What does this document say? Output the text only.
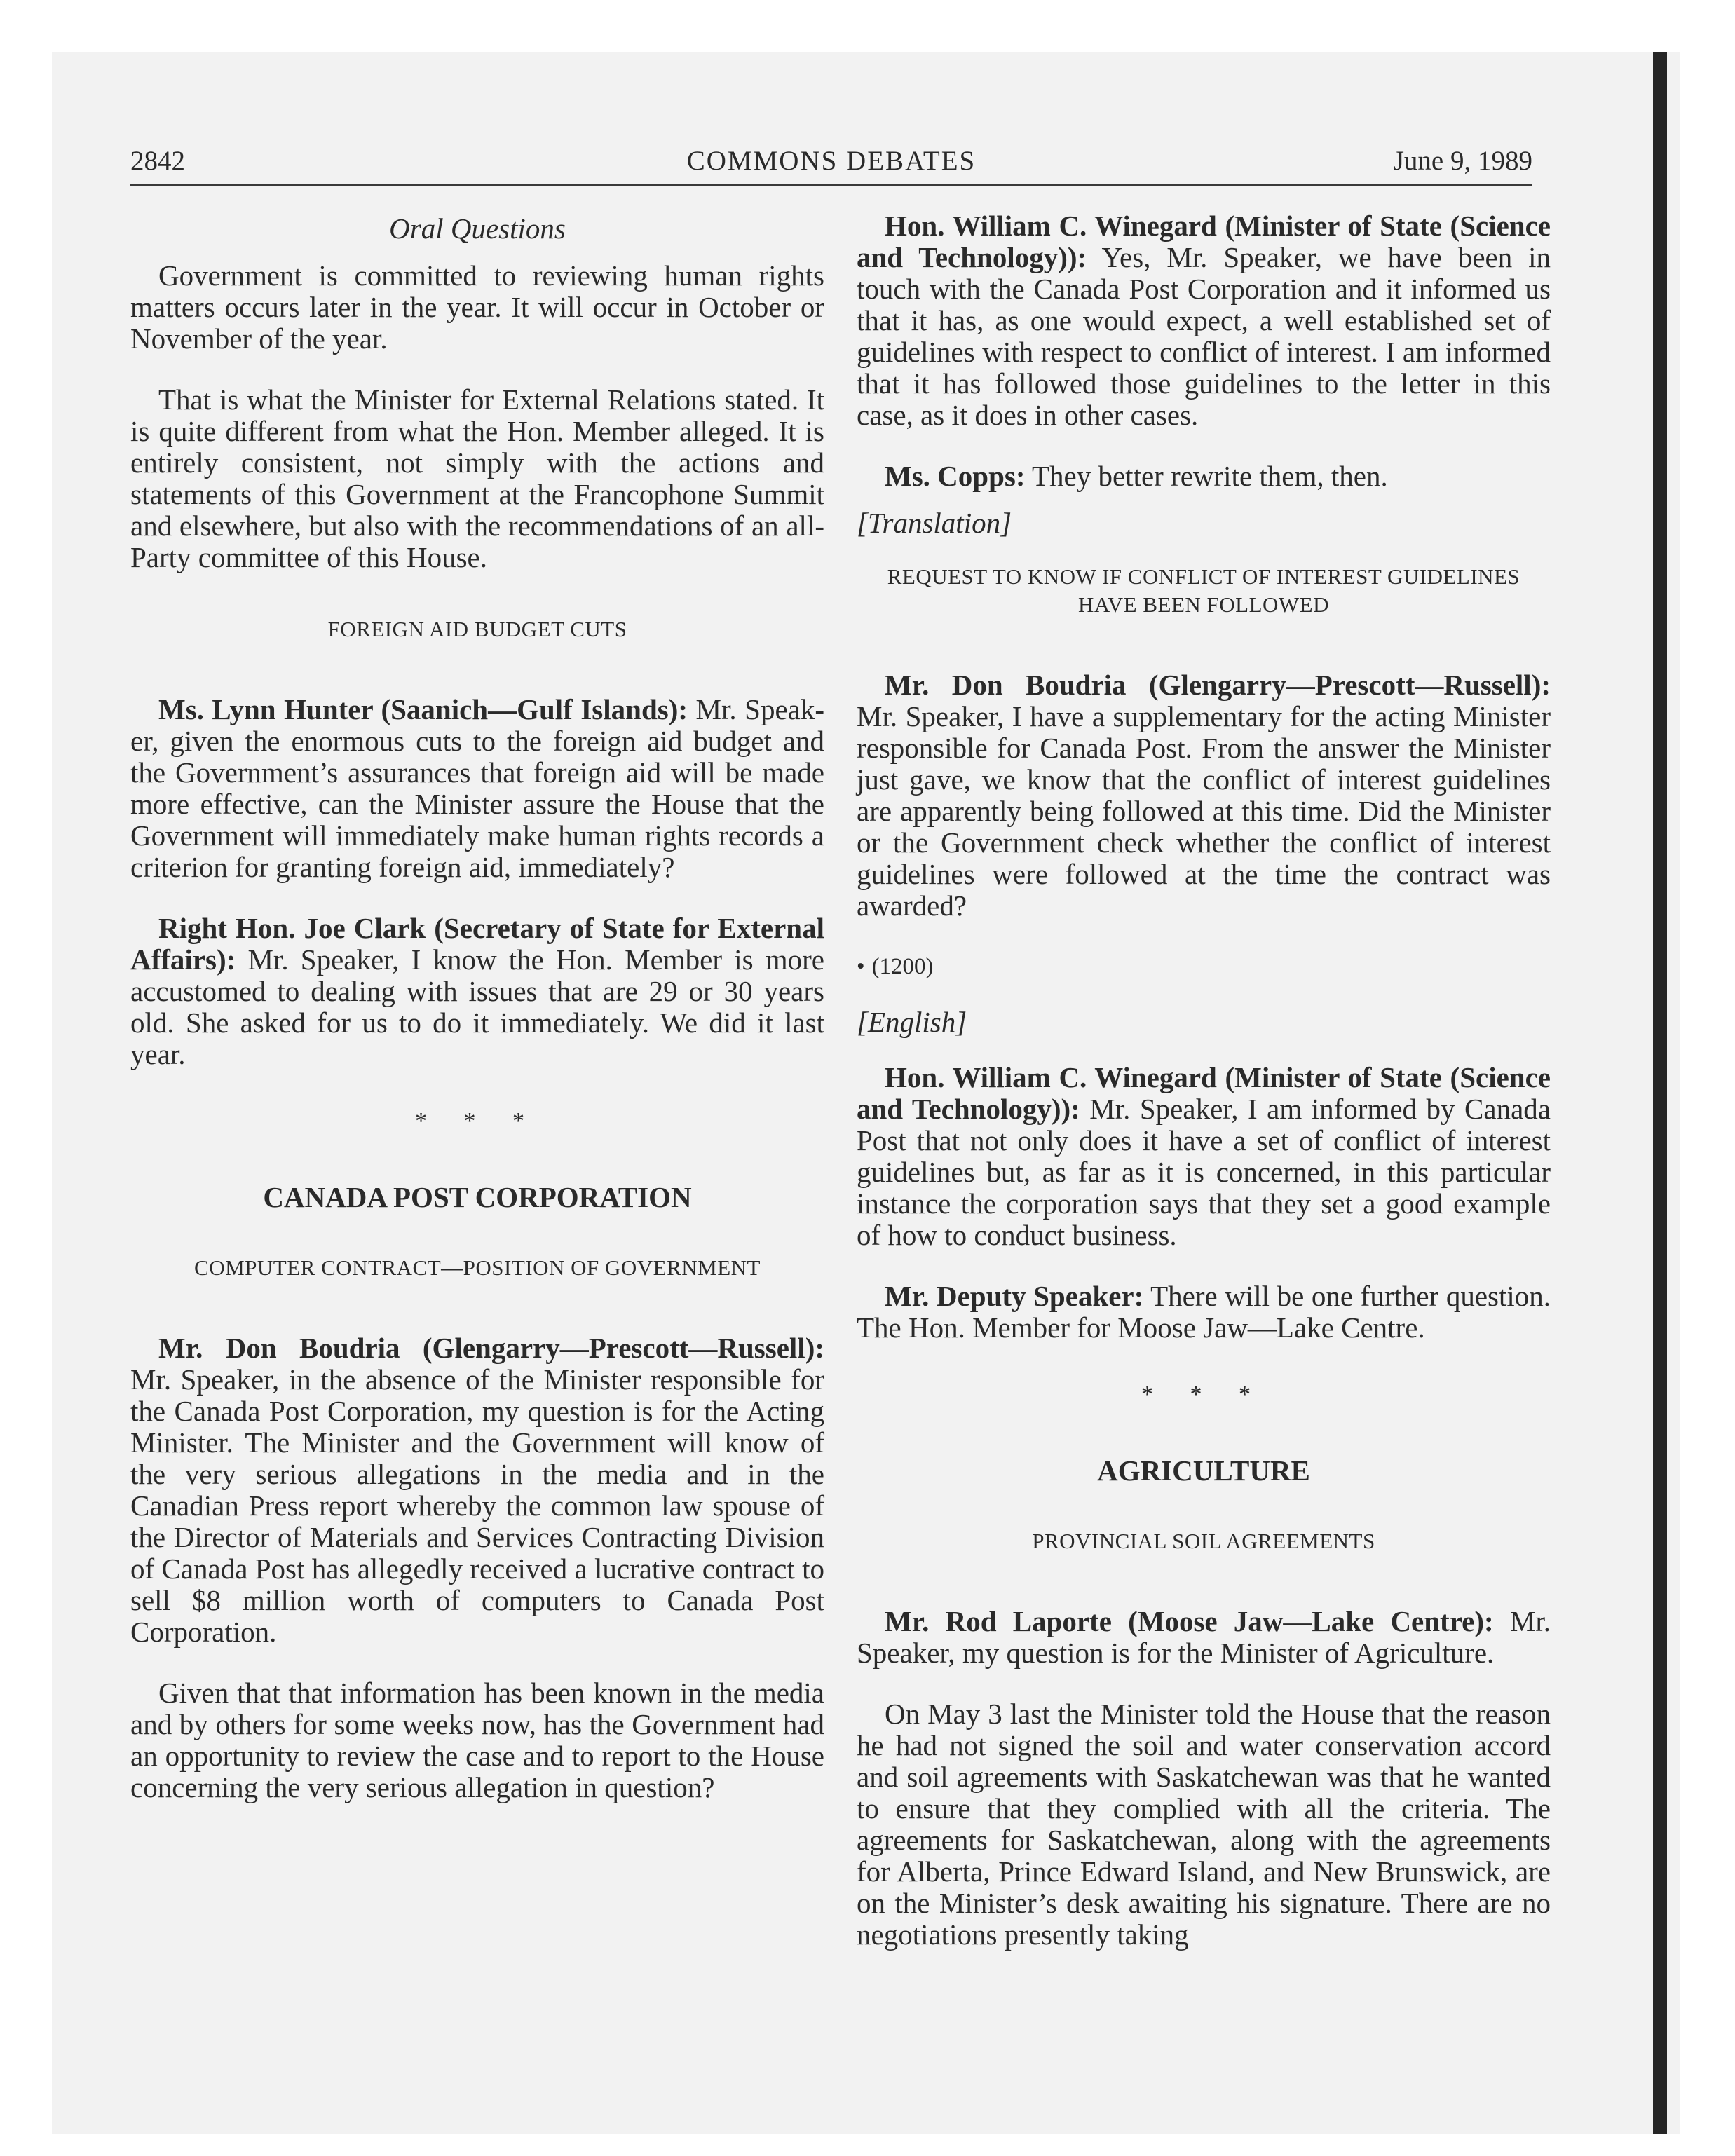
2842	COMMONS DEBATES	June 9, 1989
Oral Questions

Government is committed to reviewing human rights matters occurs later in the year. It will occur in October or November of the year.

That is what the Minister for External Relations stated. It is quite different from what the Hon. Member alleged. It is entirely consistent, not simply with the actions and statements of this Government at the Francophone Summit and elsewhere, but also with the recommendations of an all-Party committee of this House.

FOREIGN AID BUDGET CUTS

Ms. Lynn Hunter (Saanich—Gulf Islands): Mr. Speaker, given the enormous cuts to the foreign aid budget and the Government’s assurances that foreign aid will be made more effective, can the Minister assure the House that the Government will immediately make human rights records a criterion for granting foreign aid, immediately?

Right Hon. Joe Clark (Secretary of State for External Affairs): Mr. Speaker, I know the Hon. Member is more accustomed to dealing with issues that are 29 or 30 years old. She asked for us to do it immediately. We did it last year.

* * *
CANADA POST CORPORATION
COMPUTER CONTRACT—POSITION OF GOVERNMENT

Mr. Don Boudria (Glengarry—Prescott—Russell): Mr. Speaker, in the absence of the Minister responsible for the Canada Post Corporation, my question is for the Acting Minister. The Minister and the Government will know of the very serious allegations in the media and in the Canadian Press report whereby the common law spouse of the Director of Materials and Services Contracting Division of Canada Post has allegedly received a lucrative contract to sell $8 million worth of computers to Canada Post Corporation.

Given that that information has been known in the media and by others for some weeks now, has the Government had an opportunity to review the case and to report to the House concerning the very serious allegation in question?

Hon. William C. Winegard (Minister of State (Science and Technology)): Yes, Mr. Speaker, we have been in touch with the Canada Post Corporation and it informed us that it has, as one would expect, a well established set of guidelines with respect to conflict of interest. I am informed that it has followed those guidelines to the letter in this case, as it does in other cases.

Ms. Copps: They better rewrite them, then.

[Translation]

REQUEST TO KNOW IF CONFLICT OF INTEREST GUIDELINES HAVE BEEN FOLLOWED

Mr. Don Boudria (Glengarry—Prescott—Russell): Mr. Speaker, I have a supplementary for the acting Minister responsible for Canada Post. From the answer the Minister just gave, we know that the conflict of interest guidelines are apparently being followed at this time. Did the Minister or the Government check whether the conflict of interest guidelines were followed at the time the contract was awarded?

• (1200)

[English]

Hon. William C. Winegard (Minister of State (Science and Technology)): Mr. Speaker, I am informed by Canada Post that not only does it have a set of conflict of interest guidelines but, as far as it is concerned, in this particular instance the corporation says that they set a good example of how to conduct business.

Mr. Deputy Speaker: There will be one further question. The Hon. Member for Moose Jaw—Lake Centre.

* * *
AGRICULTURE
PROVINCIAL SOIL AGREEMENTS

Mr. Rod Laporte (Moose Jaw—Lake Centre): Mr. Speaker, my question is for the Minister of Agriculture.

On May 3 last the Minister told the House that the reason he had not signed the soil and water conservation accord and soil agreements with Saskatchewan was that he wanted to ensure that they complied with all the criteria. The agreements for Saskatchewan, along with the agreements for Alberta, Prince Edward Island, and New Brunswick, are on the Minister’s desk awaiting his signature. There are no negotiations presently taking
